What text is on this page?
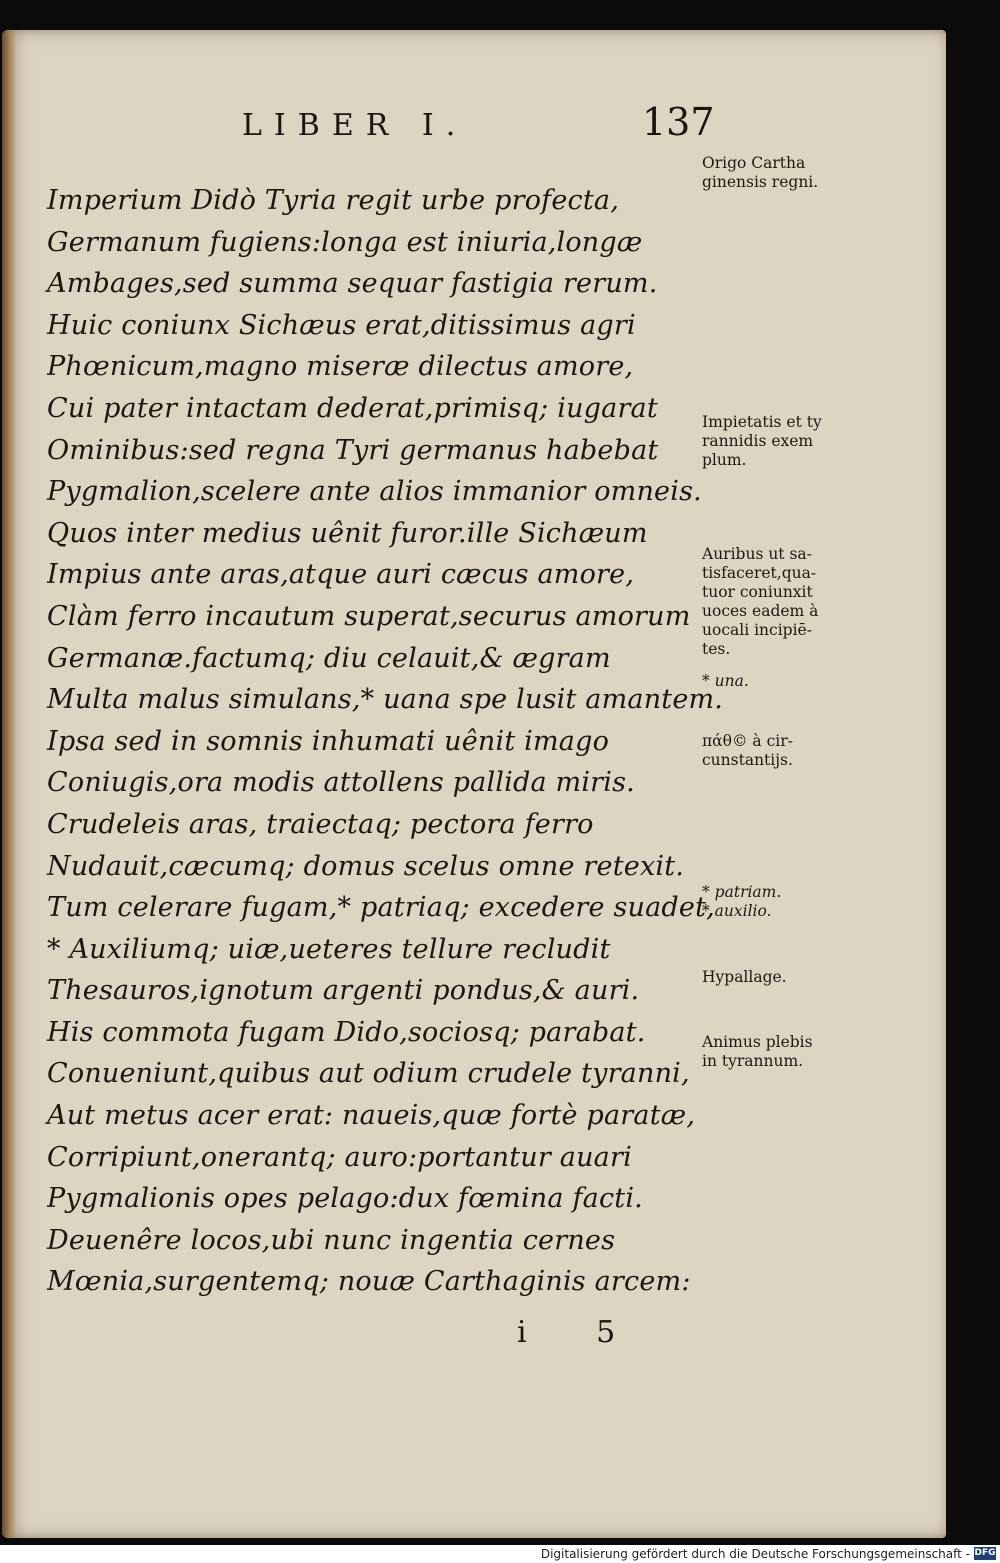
LIBER I.	137
Imperium Didò Tyria regit urbe profecta,
Germanum fugiens:longa est iniuria,longæ
Ambages,sed summa sequar fastigia rerum.
Huic coniunx Sichæus erat,ditissimus agri
Phœnicum,magno miseræ dilectus amore,
Cui pater intactam dederat,primisq; iugarat
Ominibus:sed regna Tyri germanus habebat
Pygmalion,scelere ante alios immanior omneis.
Quos inter medius uênit furor.ille Sichæum
Impius ante aras,atque auri cæcus amore,
Clàm ferro incautum superat,securus amorum
Germanæ.factumq; diu celauit,& ægram
Multa malus simulans,* uana spe lusit amantem.
Ipsa sed in somnis inhumati uênit imago
Coniugis,ora modis attollens pallida miris.
Crudeleis aras, traiectaq; pectora ferro
Nudauit,cæcumq; domus scelus omne retexit.
Tum celerare fugam,* patriaq; excedere suadet,
* Auxiliumq; uiæ,ueteres tellure recludit
Thesauros,ignotum argenti pondus,& auri.
His commota fugam Dido,sociosq; parabat.
Conueniunt,quibus aut odium crudele tyranni,
Aut metus acer erat: naueis,quæ fortè paratæ,
Corripiunt,onerantq; auro:portantur auari
Pygmalionis opes pelago:dux fœmina facti.
Deuenêre locos,ubi nunc ingentia cernes
Mœnia,surgentemq; nouæ Carthaginis arcem:
Origo Cartha
ginensis regni.
Impietatis et ty
rannidis exem
plum.
Auribus ut sa-
tisfaceret,qua-
tuor coniunxit
uoces eadem à
uocali incipiē-
tes.
* una.
πάθ© à cir-
cunstantijs.
* patriam.
* auxilio.
Hypallage.
Animus plebis
in tyrannum.
i 5
Digitalisierung gefördert durch die Deutsche Forschungsgemeinschaft - DFG
